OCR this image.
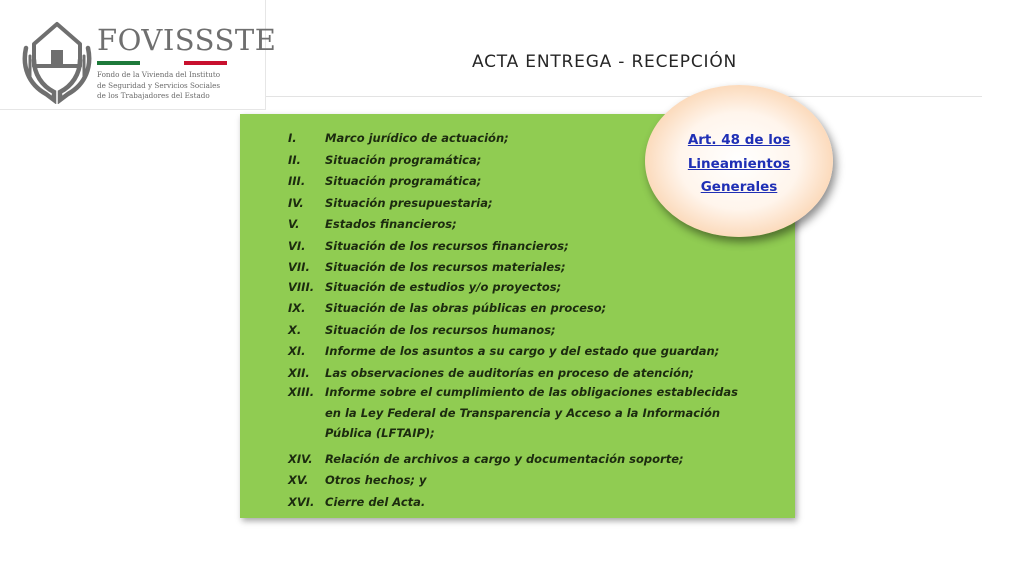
FOVISSSTE
Fondo de la Vivienda del Instituto
de Seguridad y Servicios Sociales
de los Trabajadores del Estado
ACTA ENTREGA - RECEPCIÓN
I.	Marco jurídico de actuación;
II.	Situación programática;
III.	Situación programática;
IV.	Situación presupuestaria;
V.	Estados financieros;
VI.	Situación de los recursos financieros;
VII.	Situación de los recursos materiales;
VIII. Situación de estudios y/o proyectos;
IX.	Situación de las obras públicas en proceso;
X.	Situación de los recursos humanos;
XI.	Informe de los asuntos a su cargo y del estado que guardan;
XII.	Las observaciones de auditorías en proceso de atención;
XIII. Informe sobre el cumplimiento de las obligaciones establecidas
en la Ley Federal de Transparencia y Acceso a la Información
Pública (LFTAIP);
XIV.	Relación de archivos a cargo y documentación soporte;
XV.	Otros hechos; y
XVI. Cierre del Acta.
Art. 48 de los
Lineamientos
Generales
